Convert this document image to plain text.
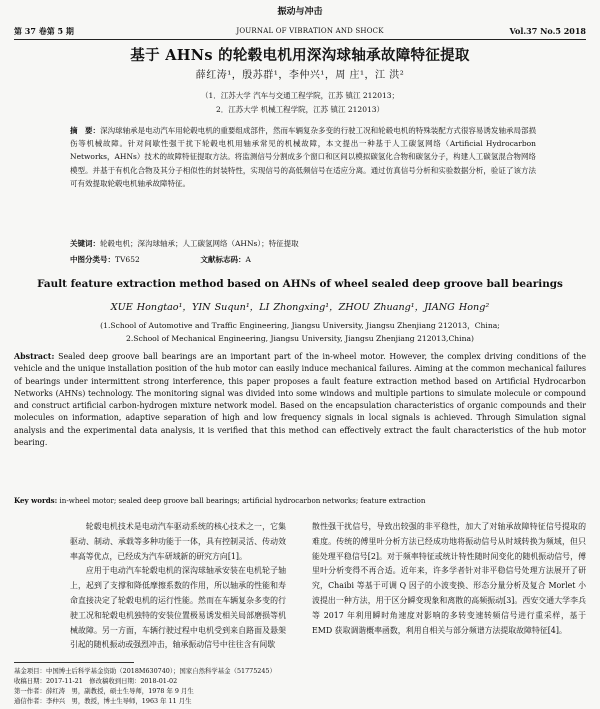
振动与冲击
第 37 卷第 5 期	JOURNAL OF VIBRATION AND SHOCK	Vol.37 No.5 2018
基于 AHNs 的轮毂电机用深沟球轴承故障特征提取
薛红涛¹，殷苏群¹，李仲兴¹，周 庄¹，江 洪²
（1．江苏大学 汽车与交通工程学院，江苏 镇江 212013；
2．江苏大学 机械工程学院，江苏 镇江 212013）
摘　要：深沟球轴承是电动汽车用轮毂电机的重要组成部件，然而车辆复杂多变的行驶工况和轮毂电机的特殊装配方式很容易诱发轴承局部损伤等机械故障。针对间歇性强干扰下轮毂电机用轴承常见的机械故障，本文提出一种基于人工碳氢网络（Artificial Hydrocarbon Networks，AHNs）技术的故障特征提取方法。将监测信号分割成多个窗口和区间以模拟碳氢化合物和碳氢分子，构建人工碳氢混合物网络模型。并基于有机化合物及其分子相似性的封装特性，实现信号的高低频信号在适应分离。通过仿真信号分析和实验数据分析，验证了该方法可有效提取轮毂电机轴承故障特征。
关键词：轮毂电机；深沟球轴承；人工碳氢网络（AHNs）；特征提取
中图分类号：TV652	文献标志码：A
Fault feature extraction method based on AHNs of wheel sealed deep groove ball bearings
XUE Hongtao¹，YIN Suqun¹，LI Zhongxing¹，ZHOU Zhuang¹，JIANG Hong²
(1.School of Automotive and Traffic Engineering, Jiangsu University, Jiangsu Zhenjiang 212013，China;
2.School of Mechanical Engineering, Jiangsu University, Jiangsu Zhenjiang 212013,China)
Abstract: Sealed deep groove ball bearings are an important part of the in-wheel motor. However, the complex driving conditions of the vehicle and the unique installation position of the hub motor can easily induce mechanical failures. Aiming at the common mechanical failures of bearings under intermittent strong interference, this paper proposes a fault feature extraction method based on Artificial Hydrocarbon Networks (AHNs) technology. The monitoring signal was divided into some windows and multiple partions to simulate molecule or compound and construct artificial carbon-hydrogen mixture network model. Based on the encapsulation characteristics of organic compounds and their molecules on information, adaptive separation of high and low frequency signals in local signals is achieved. Through Simulation signal analysis and the experimental data analysis, it is verified that this method can effectively extract the fault characteristics of the hub motor bearing.
Key words: in-wheel motor; sealed deep groove ball bearings; artificial hydrocarbon networks; feature extraction

轮毂电机技术是电动汽车驱动系统的核心技术之一，它集驱动、制动、承载等多种功能于一体，具有控制灵活、传动效率高等优点，已经成为汽车研域新的研究方向[1]。

应用于电动汽车轮毂电机的深沟球轴承安装在电机轮子轴上，起到了支撑和降低摩擦系数的作用，所以轴承的性能和寿命直接决定了轮毂电机的运行性能。然而在车辆复杂多变的行驶工况和轮毂电机独特的安装位置极易诱发相关局部磨损等机械故障。另一方面，车辆行驶过程中电机受到来自路面及悬架引起的随机振动或强烈冲击，轴承振动信号中往往含有间歇

散性强干扰信号，导致出较强的非平稳性，加大了对轴承故障特征信号提取的难度。传统的傅里叶分析方法已经成功地将振动信号从时域转换为频域，但只能处理平稳信号[2]。对于频率特征或统计特性随时间变化的随机振动信号，傅里叶分析变得不再合适。近年来，许多学者针对非平稳信号处理方法展开了研究，Chaibi 等基于可调 Q 因子的小波变换、形态分量分析及复合 Morlet 小波提出一种方法，用于区分瞬变现象和离散的高频振动[3]。西安交通大学李兵等 2017 年利用瞬时角速度对影响的多转变速转频信号进行重采样，基于 EMD 获取调谐概率函数，利用自相关与部分频谱方法提取故障特征[4]。

基金项目：中国博士后科学基金资助（2018M630740）；国家自然科学基金（51775245）
收稿日期：2017-11-21　修改稿收到日期：2018-01-02
第一作者：薛红涛　男，副教授，硕士生导师，1978 年 9 月生
通信作者：李仲兴　男，教授，博士生导师，1963 年 11 月生
